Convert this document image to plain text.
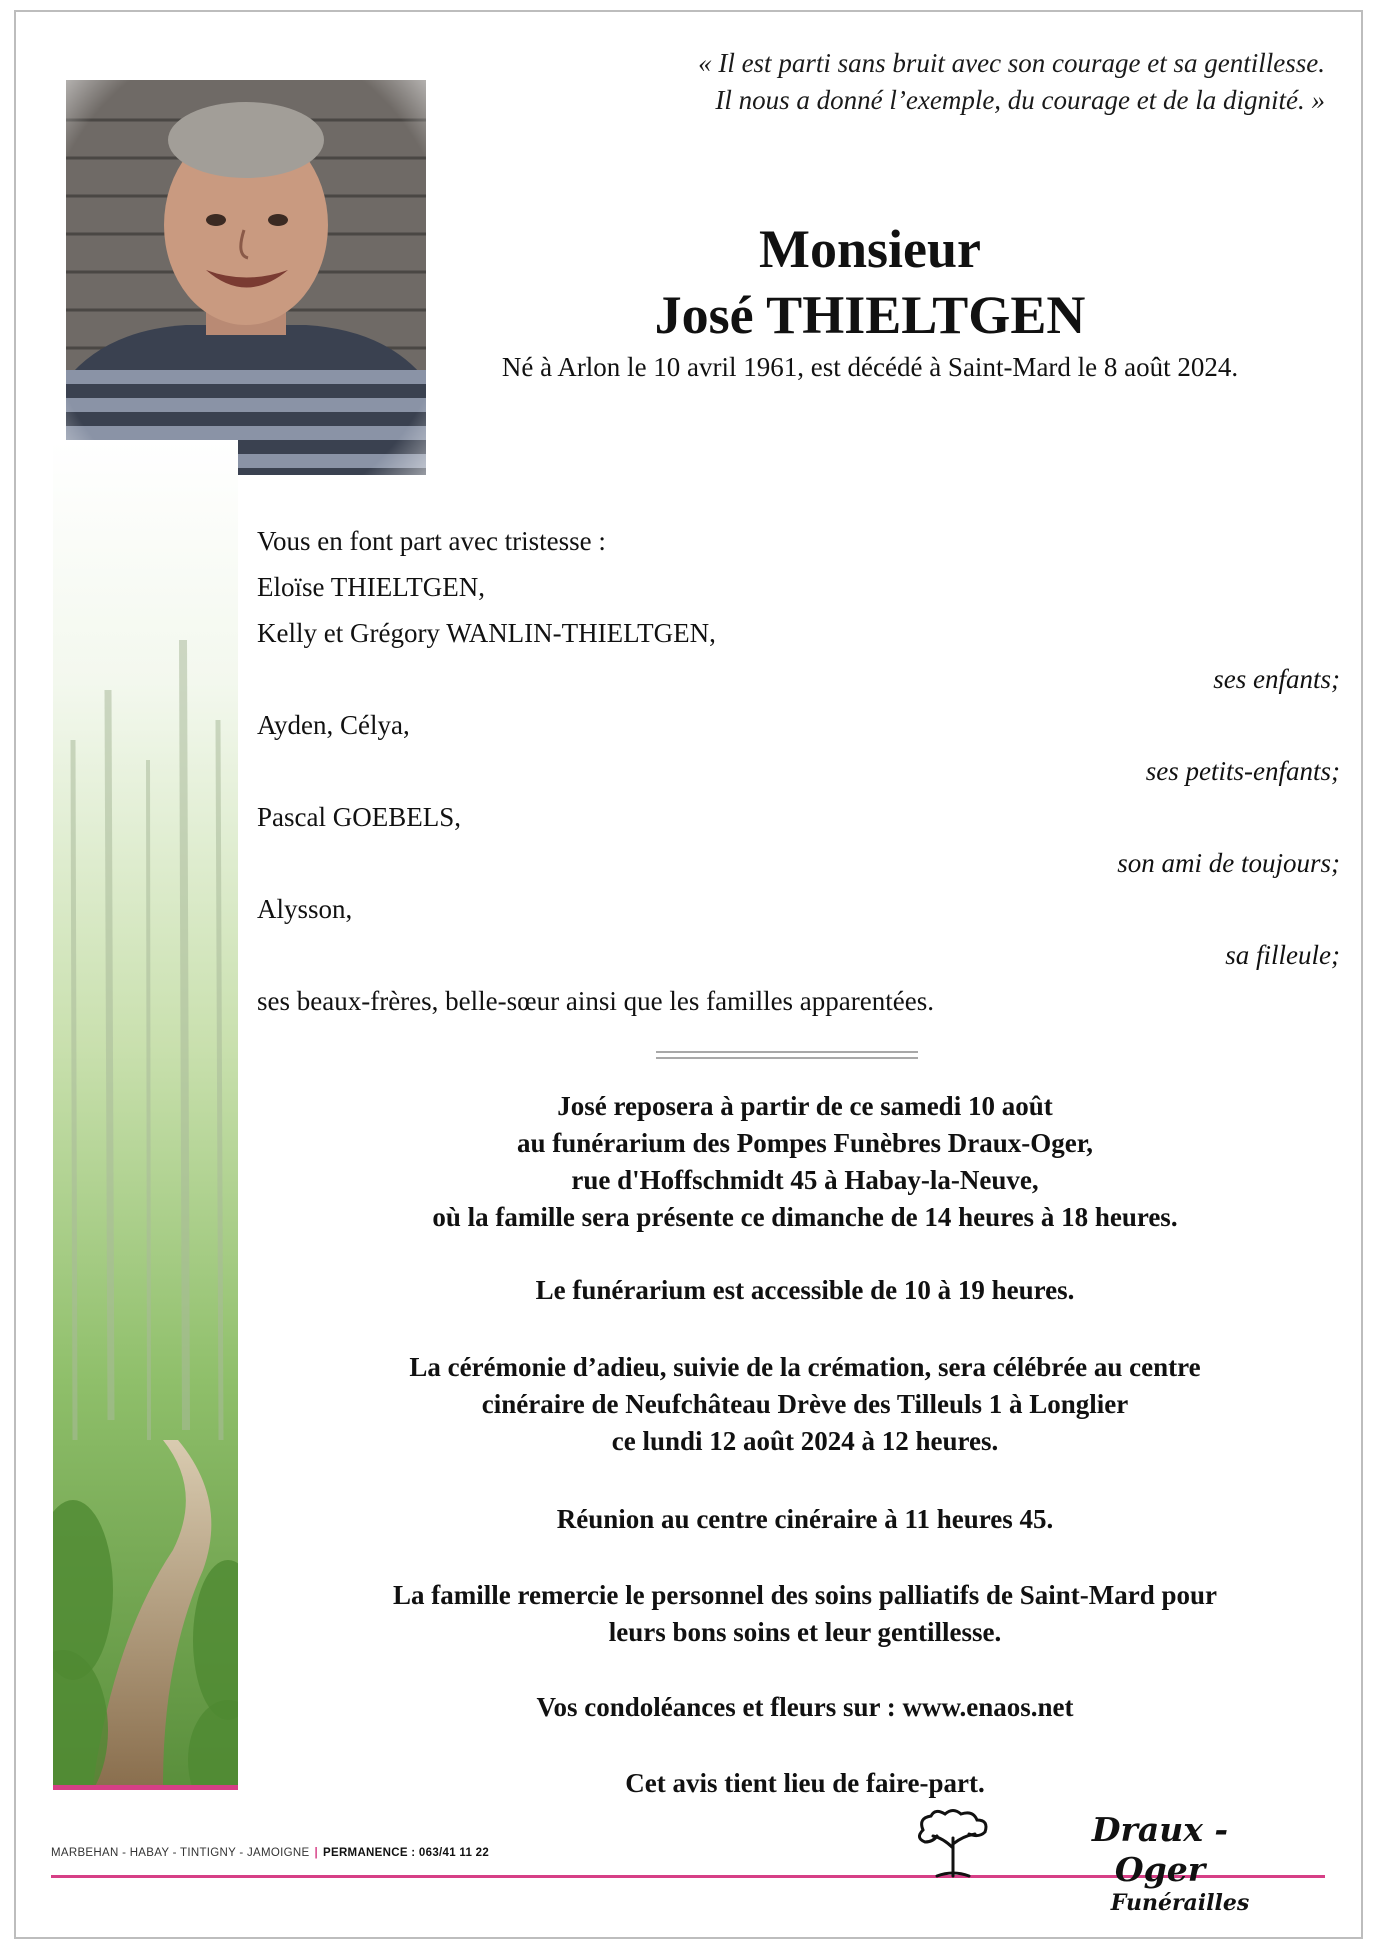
« Il est parti sans bruit avec son courage et sa gentillesse.
Il nous a donné l’exemple, du courage et de la dignité. »
Monsieur
José THIELTGEN
Né à Arlon le 10 avril 1961, est décédé à Saint-Mard le 8 août 2024.
Vous en font part avec tristesse :
Eloïse THIELTGEN,
Kelly et Grégory WANLIN-THIELTGEN,
ses enfants;
Ayden, Célya,
ses petits-enfants;
Pascal GOEBELS,
son ami de toujours;
Alysson,
sa filleule;
ses beaux-frères, belle-sœur ainsi que les familles apparentées.
José reposera à partir de ce samedi 10 août
au funérarium des Pompes Funèbres Draux-Oger,
rue d'Hoffschmidt 45 à Habay-la-Neuve,
où la famille sera présente ce dimanche de 14 heures à 18 heures.
Le funérarium est accessible de 10 à 19 heures.
La cérémonie d’adieu, suivie de la crémation, sera célébrée au centre
cinéraire de Neufchâteau Drève des Tilleuls 1 à Longlier
ce lundi 12 août 2024 à 12 heures.
Réunion au centre cinéraire à 11 heures 45.
La famille remercie le personnel des soins palliatifs de Saint-Mard pour
leurs bons soins et leur gentillesse.
Vos condoléances et fleurs sur : www.enaos.net
Cet avis tient lieu de faire-part.
MARBEHAN - HABAY - TINTIGNY - JAMOIGNE | PERMANENCE : 063/41 11 22
Draux - Oger
Funérailles
